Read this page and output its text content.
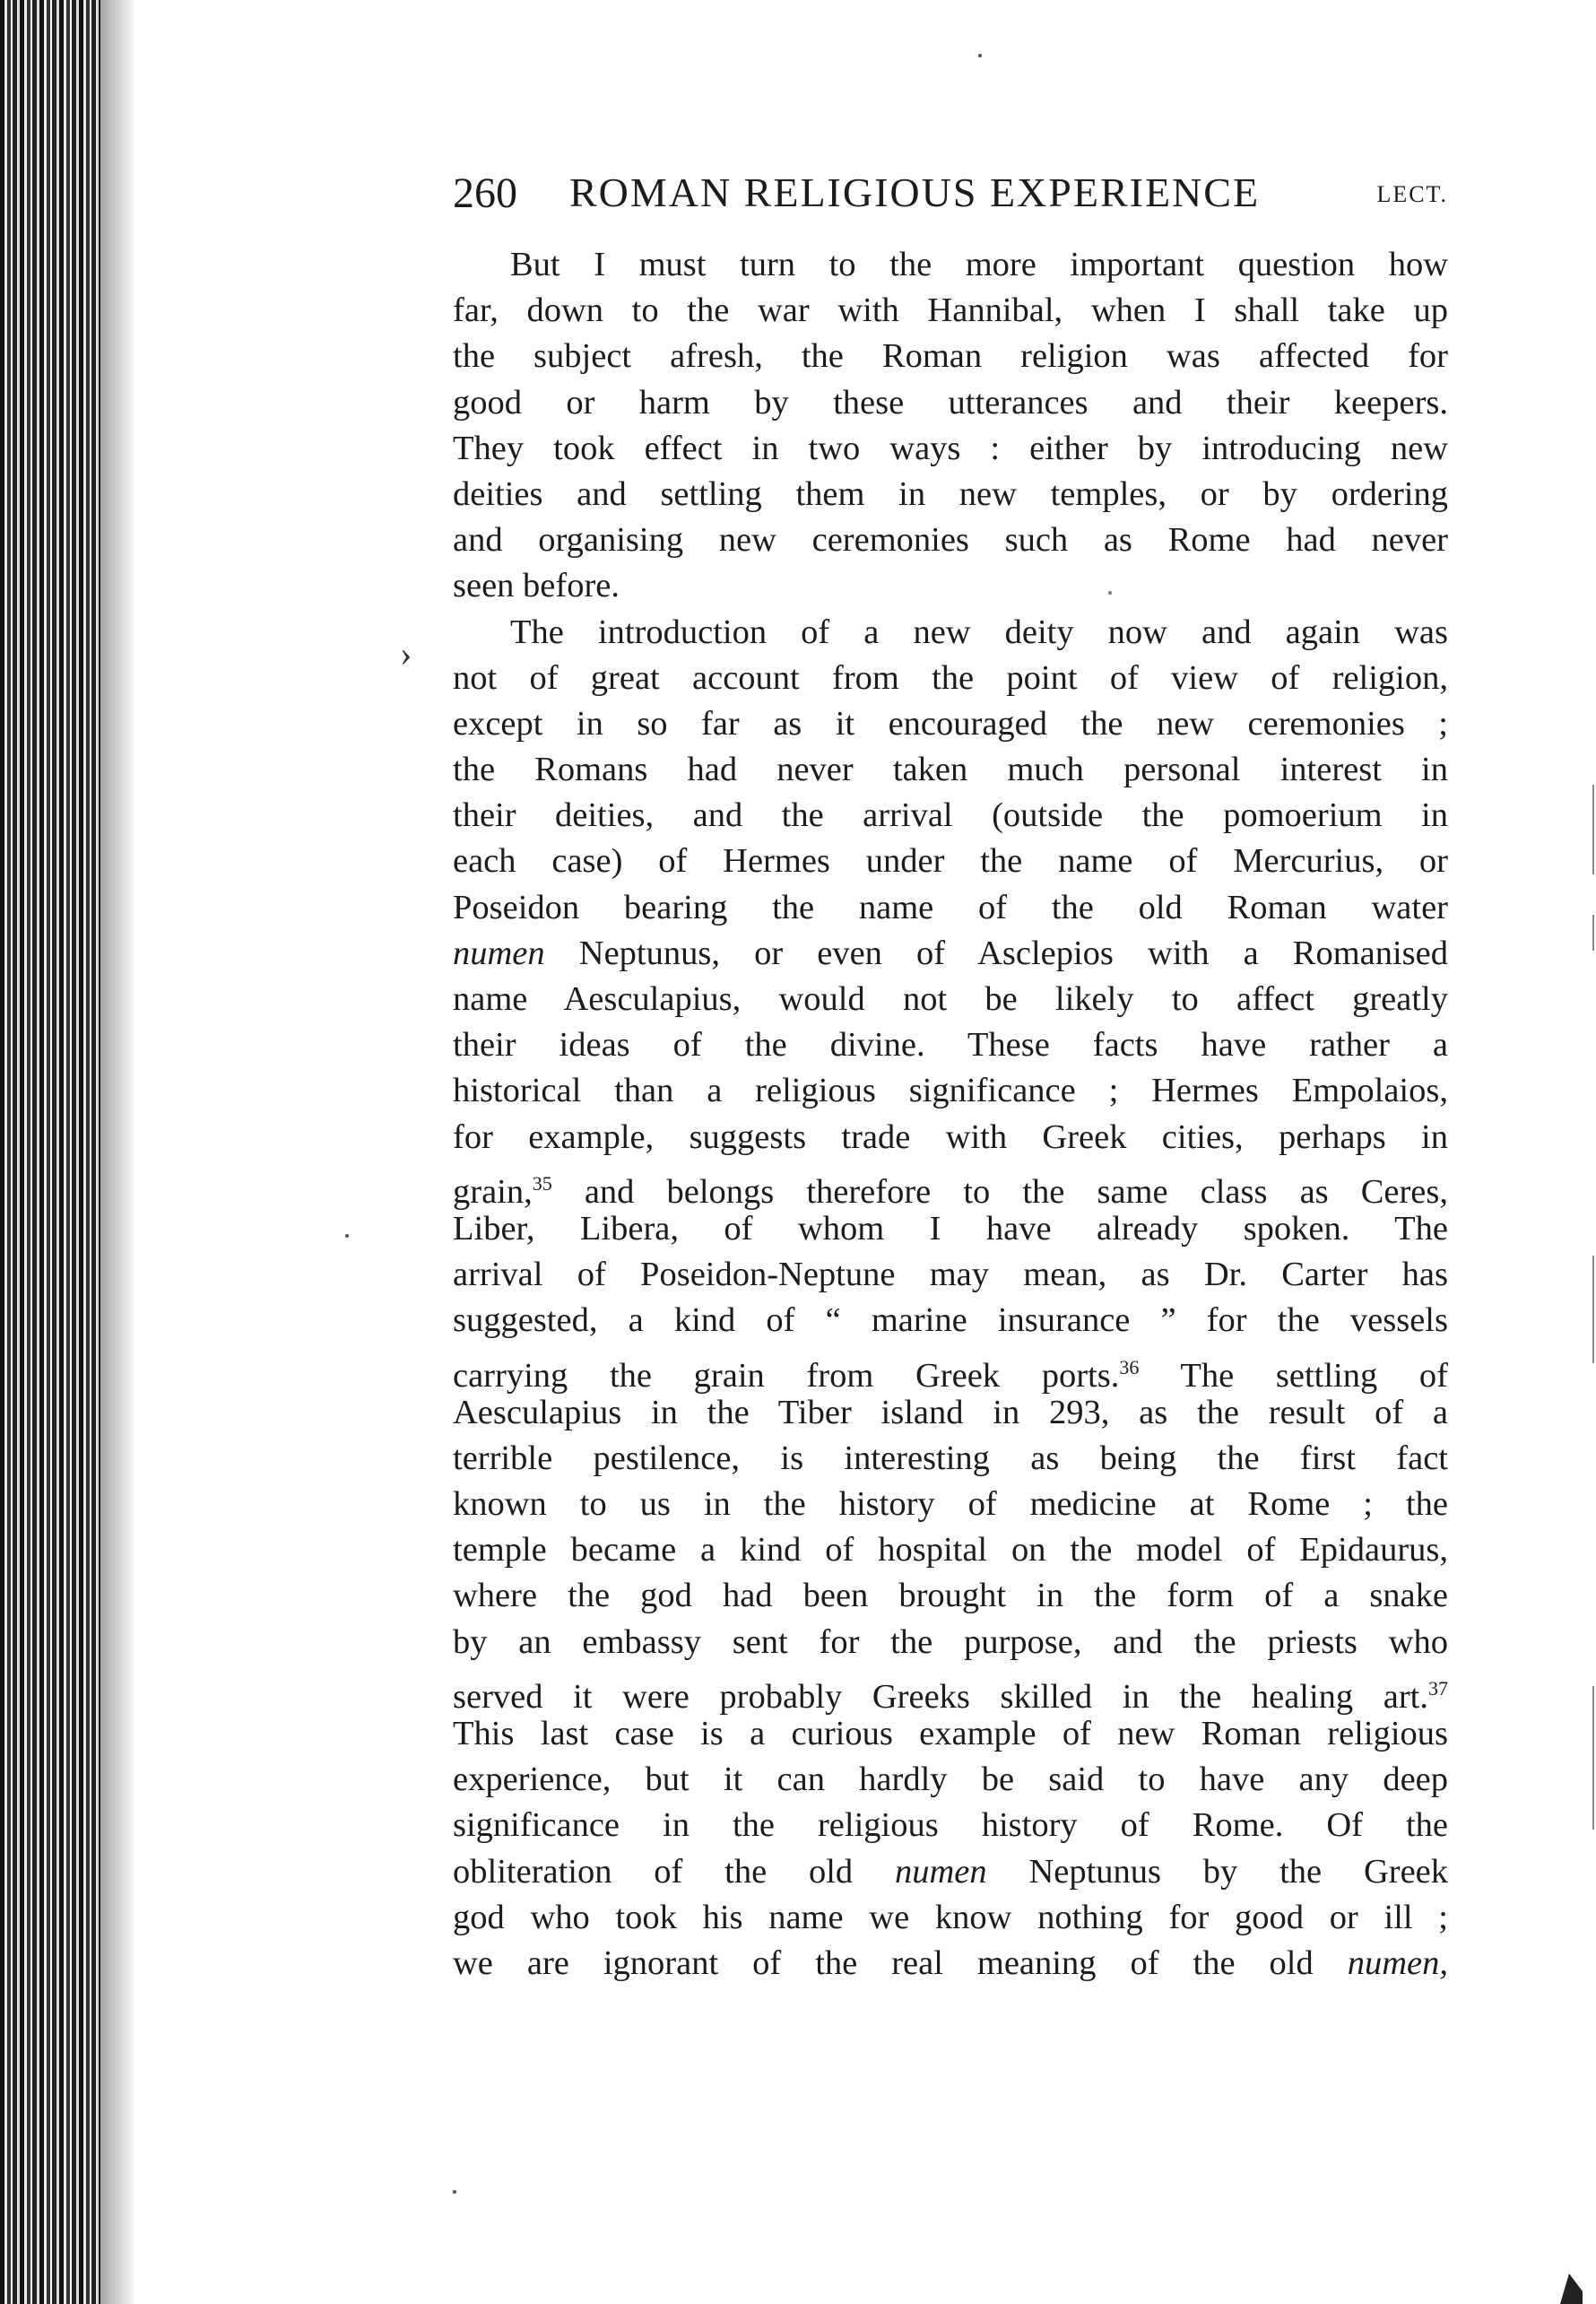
260	ROMAN RELIGIOUS EXPERIENCE	LECT.
›
But I must turn to the more important question how
far, down to the war with Hannibal, when I shall take up
the subject afresh, the Roman religion was affected for
good or harm by these utterances and their keepers.
They took effect in two ways : either by introducing new
deities and settling them in new temples, or by ordering
and organising new ceremonies such as Rome had never
seen before.
The introduction of a new deity now and again was
not of great account from the point of view of religion,
except in so far as it encouraged the new ceremonies ;
the Romans had never taken much personal interest in
their deities, and the arrival (outside the pomoerium in
each case) of Hermes under the name of Mercurius, or
Poseidon bearing the name of the old Roman water
numen Neptunus, or even of Asclepios with a Romanised
name Aesculapius, would not be likely to affect greatly
their ideas of the divine. These facts have rather a
historical than a religious significance ; Hermes Empolaios,
for example, suggests trade with Greek cities, perhaps in
grain,$^{35}$ and belongs therefore to the same class as Ceres,
Liber, Libera, of whom I have already spoken. The
arrival of Poseidon-Neptune may mean, as Dr. Carter has
suggested, a kind of “ marine insurance ” for the vessels
carrying the grain from Greek ports.$^{36}$ The settling of
Aesculapius in the Tiber island in 293, as the result of a
terrible pestilence, is interesting as being the first fact
known to us in the history of medicine at Rome ; the
temple became a kind of hospital on the model of Epidaurus,
where the god had been brought in the form of a snake
by an embassy sent for the purpose, and the priests who
served it were probably Greeks skilled in the healing art.$^{37}$
This last case is a curious example of new Roman religious
experience, but it can hardly be said to have any deep
significance in the religious history of Rome. Of the
obliteration of the old numen Neptunus by the Greek
god who took his name we know nothing for good or ill ;
we are ignorant of the real meaning of the old numen,
